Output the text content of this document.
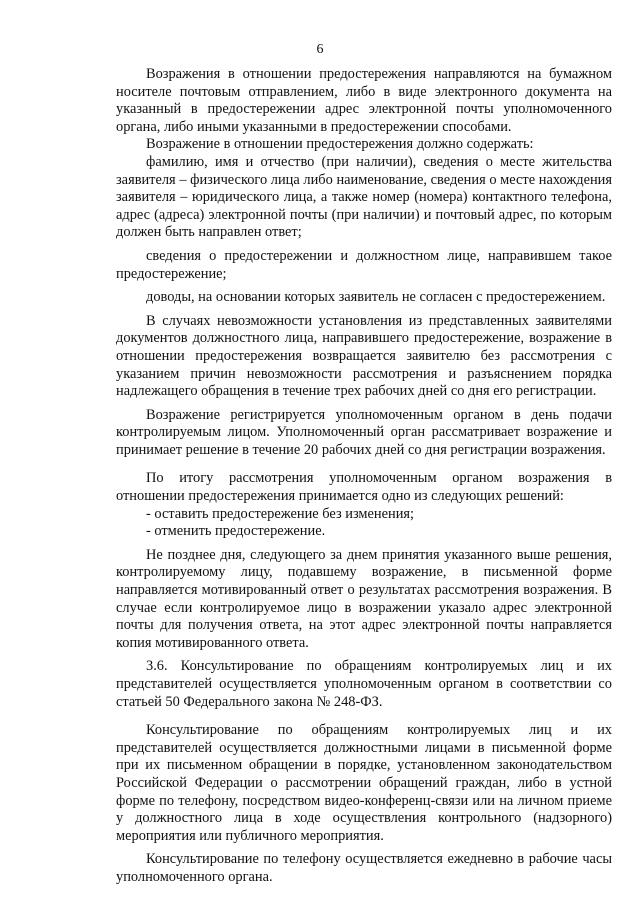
6

Возражения в отношении предостережения направляются на бумажном носителе почтовым отправлением, либо в виде электронного документа на указанный в предостережении адрес электронной почты уполномоченного органа, либо иными указанными в предостережении способами.

Возражение в отношении предостережения должно содержать:

фамилию, имя и отчество (при наличии), сведения о месте жительства заявителя – физического лица либо наименование, сведения о месте нахождения заявителя – юридического лица, а также номер (номера) контактного телефона, адрес (адреса) электронной почты (при наличии) и почтовый адрес, по которым должен быть направлен ответ;

сведения о предостережении и должностном лице, направившем такое предостережение;

доводы, на основании которых заявитель не согласен с предостережением.

В случаях невозможности установления из представленных заявителями документов должностного лица, направившего предостережение, возражение в отношении предостережения возвращается заявителю без рассмотрения с указанием причин невозможности рассмотрения и разъяснением порядка надлежащего обращения в течение трех рабочих дней со дня его регистрации.

Возражение регистрируется уполномоченным органом в день подачи контролируемым лицом. Уполномоченный орган рассматривает возражение и принимает решение в течение 20 рабочих дней со дня регистрации возражения.

По итогу рассмотрения уполномоченным органом возражения в отношении предостережения принимается одно из следующих решений:

- оставить предостережение без изменения;

- отменить предостережение.

Не позднее дня, следующего за днем принятия указанного выше решения, контролируемому лицу, подавшему возражение, в письменной форме направляется мотивированный ответ о результатах рассмотрения возражения. В случае если контролируемое лицо в возражении указало адрес электронной почты для получения ответа, на этот адрес электронной почты направляется копия мотивированного ответа.

3.6. Консультирование по обращениям контролируемых лиц и их представителей осуществляется уполномоченным органом в соответствии со статьей 50 Федерального закона № 248-ФЗ.

Консультирование по обращениям контролируемых лиц и их представителей осуществляется должностными лицами в письменной форме при их письменном обращении в порядке, установленном законодательством Российской Федерации о рассмотрении обращений граждан, либо в устной форме по телефону, посредством видео-конференц-связи или на личном приеме у должностного лица в ходе осуществления контрольного (надзорного) мероприятия или публичного мероприятия.

Консультирование по телефону осуществляется ежедневно в рабочие часы уполномоченного органа.
